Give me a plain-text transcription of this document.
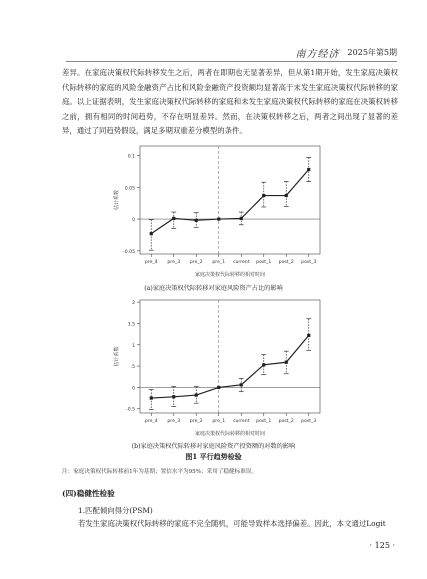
南方经济 2025年第5期
差异。在家庭决策权代际转移发生之后，两者在即期也无显著差异，但从第1期开始，发生家庭决策权代际转移的家庭的风险金融资产占比和风险金融资产投资额均显著高于未发生家庭决策权代际转移的家庭。以上证据表明，发生家庭决策权代际转移的家庭和未发生家庭决策权代际转移的家庭在决策权转移之前，拥有相同的时间趋势，不存在明显差异。然而，在决策权转移之后，两者之间出现了显著的差异，通过了同趋势假设，满足多期双重差分模型的条件。
-0.05
0
0.05
0.1
估计系数
pre_4 pre_3 pre_2 pre_1 current post_1 post_2 post_3
家庭决策权代际转移的相对时间
(a)家庭决策权代际转移对家庭风险资产占比的影响
-0.5
0
.5
1
1.5
2
估计系数
pre_4 pre_3 pre_2 pre_1 current post_1 post_2 post_3
家庭决策权代际转移的相对时间
(b)家庭决策权代际转移对家庭风险资产投资额的对数的影响
图1 平行趋势检验
注：家庭决策权代际转移前1年为基期；置信水平为95%；采用了稳健标准误。
(四)稳健性检验
1.匹配倾向得分(PSM)
若发生家庭决策权代际转移的家庭不完全随机，可能导致样本选择偏差。因此，本文通过Logit
· 125 ·
